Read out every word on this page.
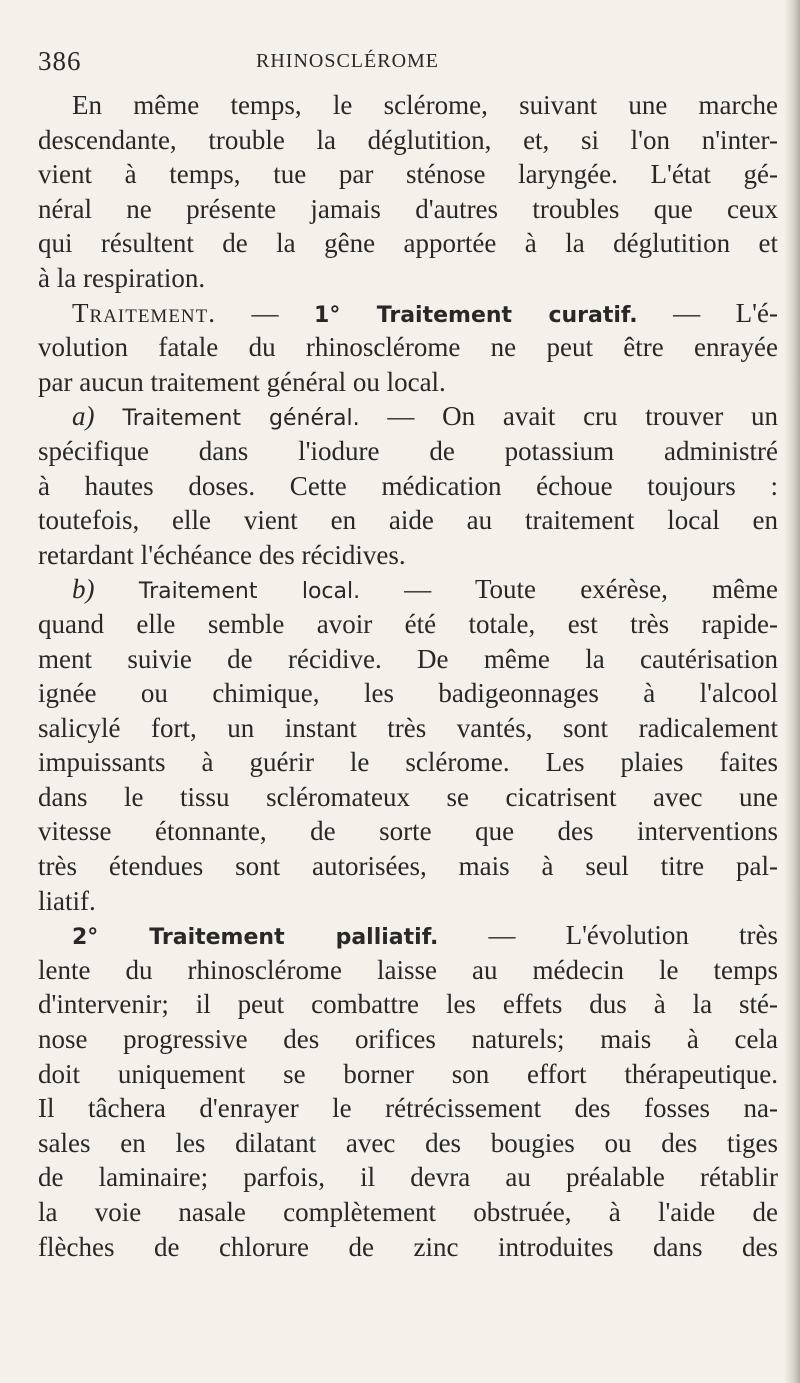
386	RHINOSCLÉROME
En même temps, le sclérome, suivant une marche
descendante, trouble la déglutition, et, si l'on n'inter-
vient à temps, tue par sténose laryngée. L'état gé-
néral ne présente jamais d'autres troubles que ceux
qui résultent de la gêne apportée à la déglutition et
à la respiration.
Traitement. — 1° Traitement curatif. — L'é-
volution fatale du rhinosclérome ne peut être enrayée
par aucun traitement général ou local.
a) Traitement général. — On avait cru trouver un
spécifique dans l'iodure de potassium administré
à hautes doses. Cette médication échoue toujours :
toutefois, elle vient en aide au traitement local en
retardant l'échéance des récidives.
b) Traitement local. — Toute exérèse, même
quand elle semble avoir été totale, est très rapide-
ment suivie de récidive. De même la cautérisation
ignée ou chimique, les badigeonnages à l'alcool
salicylé fort, un instant très vantés, sont radicalement
impuissants à guérir le sclérome. Les plaies faites
dans le tissu scléromateux se cicatrisent avec une
vitesse étonnante, de sorte que des interventions
très étendues sont autorisées, mais à seul titre pal-
liatif.
2° Traitement palliatif. — L'évolution très
lente du rhinosclérome laisse au médecin le temps
d'intervenir; il peut combattre les effets dus à la sté-
nose progressive des orifices naturels; mais à cela
doit uniquement se borner son effort thérapeutique.
Il tâchera d'enrayer le rétrécissement des fosses na-
sales en les dilatant avec des bougies ou des tiges
de laminaire; parfois, il devra au préalable rétablir
la voie nasale complètement obstruée, à l'aide de
flèches de chlorure de zinc introduites dans des
